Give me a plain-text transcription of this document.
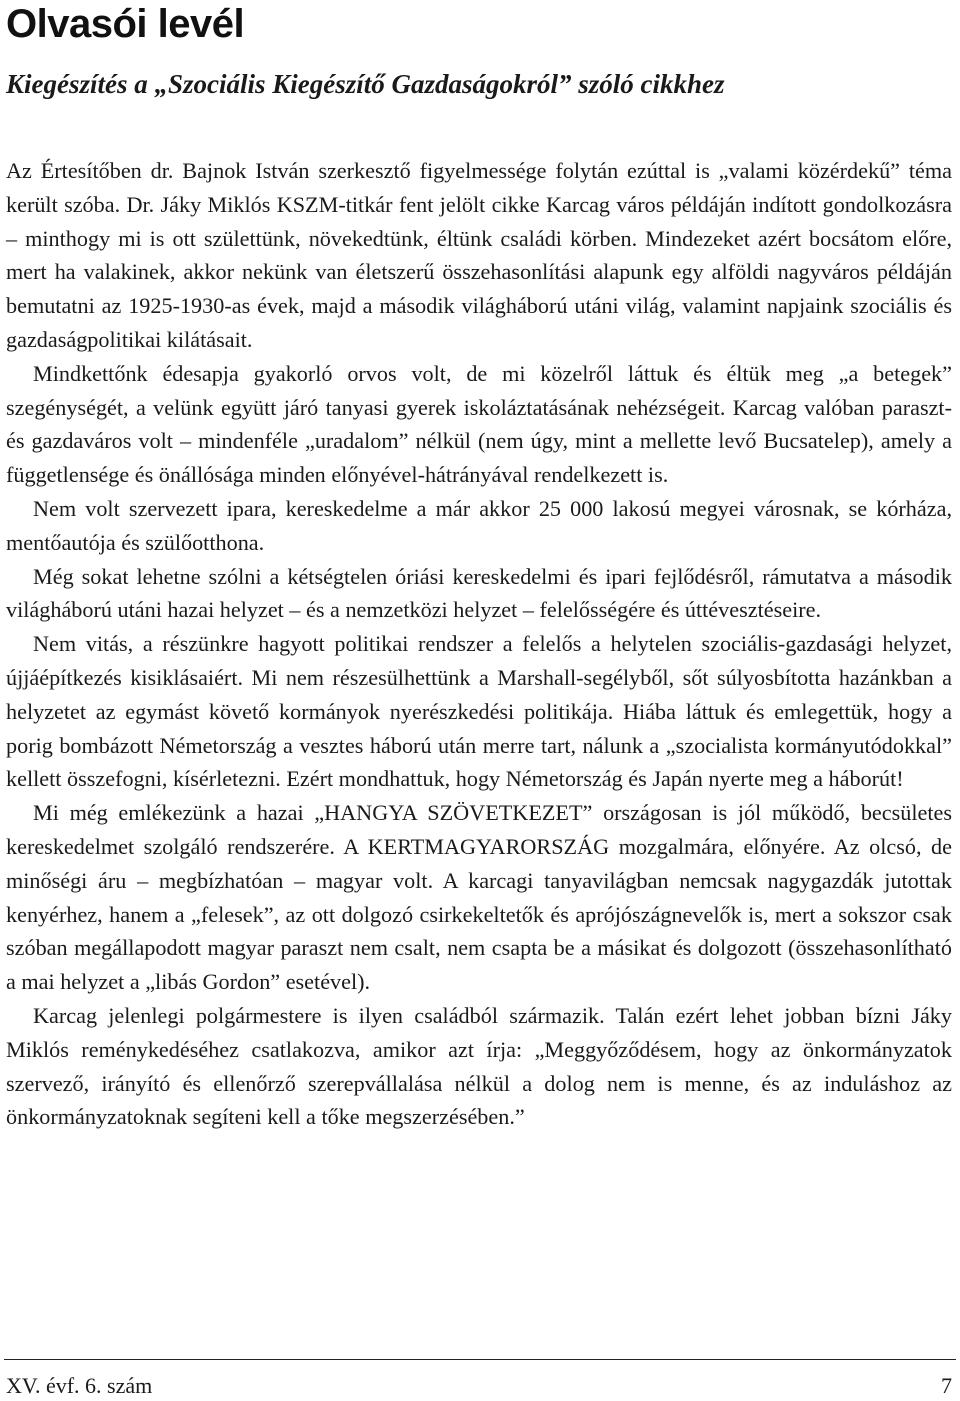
Olvasói levél
Kiegészítés a „Szociális Kiegészítő Gazdaságokról” szóló cikkhez

Az Értesítőben dr. Bajnok István szerkesztő figyelmessége folytán ezúttal is „valami közérdekű” téma került szóba. Dr. Jáky Miklós KSZM-titkár fent jelölt cikke Karcag város példáján indított gondolkozásra – minthogy mi is ott születtünk, növekedtünk, éltünk családi körben. Mindezeket azért bocsátom előre, mert ha valakinek, akkor nekünk van életszerű összehasonlítási alapunk egy alföldi nagyváros példáján bemutatni az 1925-1930-as évek, majd a második világháború utáni világ, valamint napjaink szociális és gazdaságpolitikai kilátásait.

Mindkettőnk édesapja gyakorló orvos volt, de mi közelről láttuk és éltük meg „a betegek” szegénységét, a velünk együtt járó tanyasi gyerek iskoláztatásának nehézségeit. Karcag valóban paraszt- és gazdaváros volt – mindenféle „uradalom” nélkül (nem úgy, mint a mellette levő Bucsatelep), amely a függetlensége és önállósága minden előnyével-hátrányával rendelkezett is.

Nem volt szervezett ipara, kereskedelme a már akkor 25 000 lakosú megyei városnak, se kórháza, mentőautója és szülőotthona.

Még sokat lehetne szólni a kétségtelen óriási kereskedelmi és ipari fejlődésről, rámutatva a második világháború utáni hazai helyzet – és a nemzetközi helyzet – felelősségére és úttévesztéseire.

Nem vitás, a részünkre hagyott politikai rendszer a felelős a helytelen szociális-gazdasági helyzet, újjáépítkezés kisiklásaiért. Mi nem részesülhettünk a Marshall-segélyből, sőt súlyosbította hazánkban a helyzetet az egymást követő kormányok nyerészkedési politikája. Hiába láttuk és emlegettük, hogy a porig bombázott Németország a vesztes háború után merre tart, nálunk a „szocialista kormányutódokkal” kellett összefogni, kísérletezni. Ezért mondhattuk, hogy Németország és Japán nyerte meg a háborút!

Mi még emlékezünk a hazai „HANGYA SZÖVETKEZET” országosan is jól működő, becsületes kereskedelmet szolgáló rendszerére. A KERTMAGYARORSZÁG mozgalmára, előnyére. Az olcsó, de minőségi áru – megbízhatóan – magyar volt. A karcagi tanyavilágban nemcsak nagygazdák jutottak kenyérhez, hanem a „felesek”, az ott dolgozó csirkekeltetők és aprójószágnevelők is, mert a sokszor csak szóban megállapodott magyar paraszt nem csalt, nem csapta be a másikat és dolgozott (összehasonlítható a mai helyzet a „libás Gordon” esetével).

Karcag jelenlegi polgármestere is ilyen családból származik. Talán ezért lehet jobban bízni Jáky Miklós reménykedéséhez csatlakozva, amikor azt írja: „Meggyőződésem, hogy az önkormányzatok szervező, irányító és ellenőrző szerepvállalása nélkül a dolog nem is menne, és az induláshoz az önkormányzatoknak segíteni kell a tőke megszerzésében.”

XV. évf. 6. szám	7
